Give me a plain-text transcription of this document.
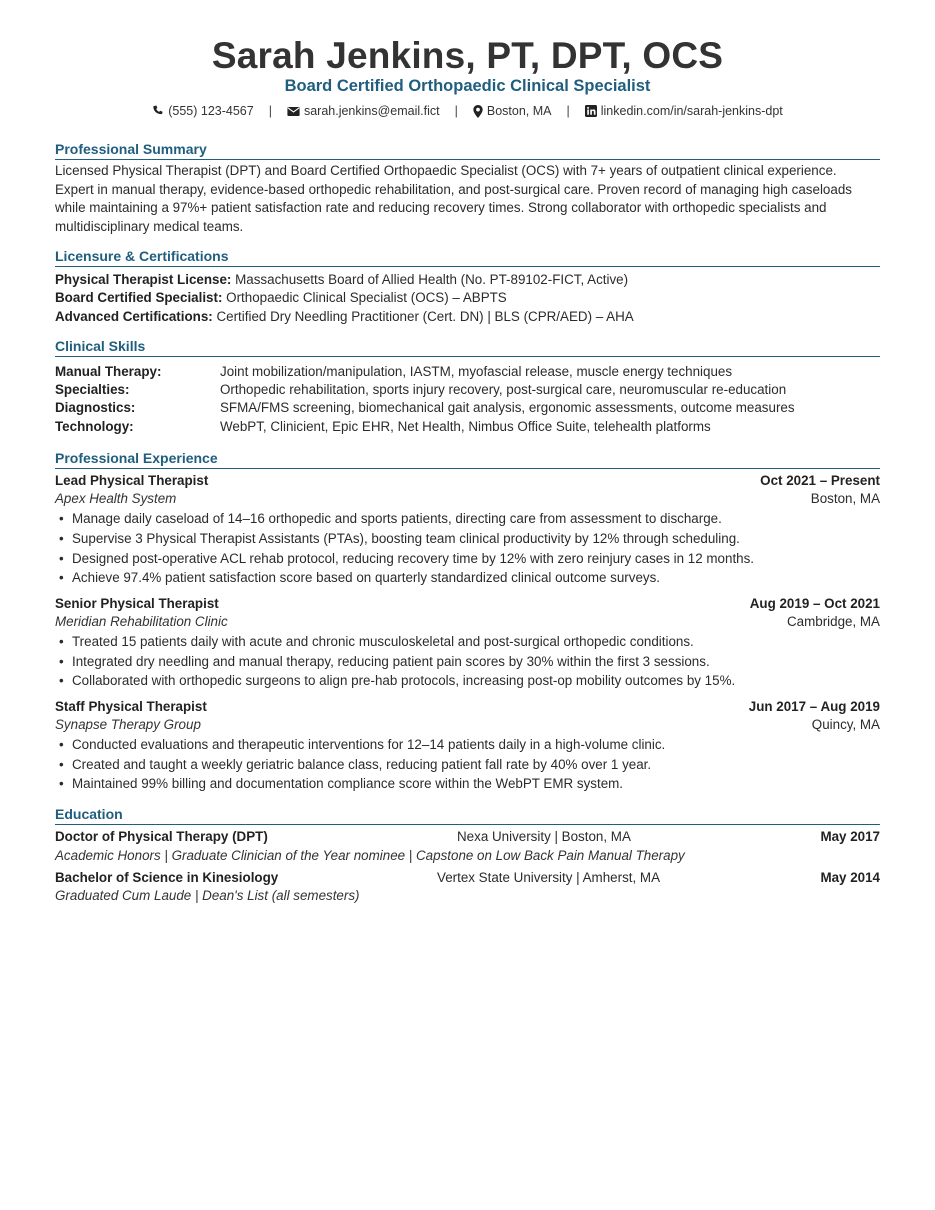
Sarah Jenkins, PT, DPT, OCS
Board Certified Orthopaedic Clinical Specialist
(555) 123-4567 |	sarah.jenkins@email.fict | Boston, MA | linkedin.com/in/sarah-jenkins-dpt
Professional Summary
Licensed Physical Therapist (DPT) and Board Certified Orthopaedic Specialist (OCS) with 7+ years of outpatient clinical experience.
Expert in manual therapy, evidence-based orthopedic rehabilitation, and post-surgical care. Proven record of managing high caseloads
while maintaining a 97%+ patient satisfaction rate and reducing recovery times. Strong collaborator with orthopedic specialists and
multidisciplinary medical teams.
Licensure & Certifications
Physical Therapist License: Massachusetts Board of Allied Health (No. PT-89102-FICT, Active)
Board Certified Specialist: Orthopaedic Clinical Specialist (OCS) – ABPTS
Advanced Certifications: Certified Dry Needling Practitioner (Cert. DN) | BLS (CPR/AED) – AHA
Clinical Skills
Manual Therapy:	Joint mobilization/manipulation, IASTM, myofascial release, muscle energy techniques
Specialties:	Orthopedic rehabilitation, sports injury recovery, post-surgical care, neuromuscular re-education
Diagnostics:	SFMA/FMS screening, biomechanical gait analysis, ergonomic assessments, outcome measures
Technology:	WebPT, Clinicient, Epic EHR, Net Health, Nimbus Office Suite, telehealth platforms
Professional Experience
Lead Physical Therapist	Oct 2021 – Present
Apex Health System	Boston, MA
Manage daily caseload of 14–16 orthopedic and sports patients, directing care from assessment to discharge.
Supervise 3 Physical Therapist Assistants (PTAs), boosting team clinical productivity by 12% through scheduling.
Designed post-operative ACL rehab protocol, reducing recovery time by 12% with zero reinjury cases in 12 months.
Achieve 97.4% patient satisfaction score based on quarterly standardized clinical outcome surveys.
Senior Physical Therapist	Aug 2019 – Oct 2021
Meridian Rehabilitation Clinic	Cambridge, MA
Treated 15 patients daily with acute and chronic musculoskeletal and post-surgical orthopedic conditions.
Integrated dry needling and manual therapy, reducing patient pain scores by 30% within the first 3 sessions.
Collaborated with orthopedic surgeons to align pre-hab protocols, increasing post-op mobility outcomes by 15%.
Staff Physical Therapist	Jun 2017 – Aug 2019
Synapse Therapy Group	Quincy, MA
Conducted evaluations and therapeutic interventions for 12–14 patients daily in a high-volume clinic.
Created and taught a weekly geriatric balance class, reducing patient fall rate by 40% over 1 year.
Maintained 99% billing and documentation compliance score within the WebPT EMR system.
Education
Doctor of Physical Therapy (DPT)	Nexa University | Boston, MA	May 2017
Academic Honors | Graduate Clinician of the Year nominee | Capstone on Low Back Pain Manual Therapy
Bachelor of Science in Kinesiology	Vertex State University | Amherst, MA	May 2014
Graduated Cum Laude | Dean's List (all semesters)
